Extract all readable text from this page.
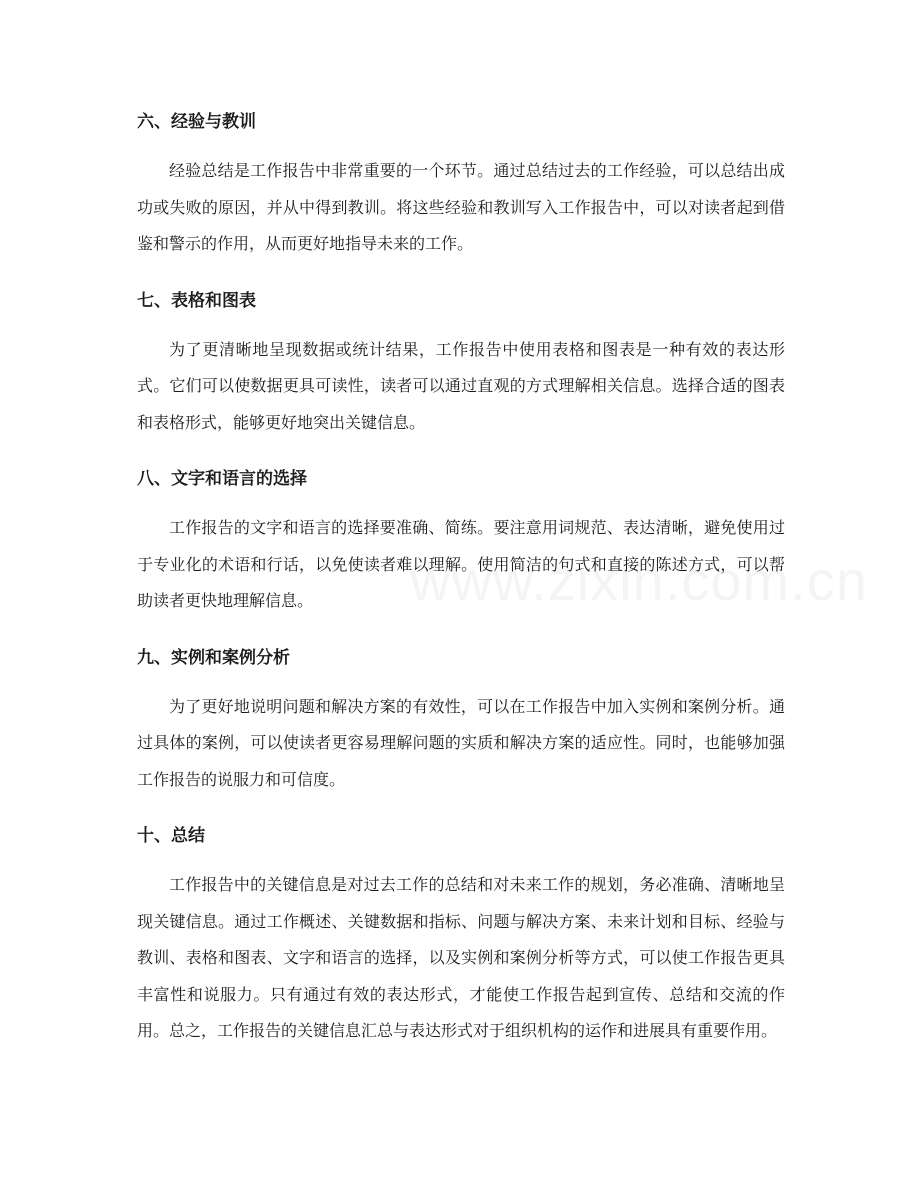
六、经验与教训

经验总结是工作报告中非常重要的一个环节。通过总结过去的工作经验，可以总结出成功或失败的原因，并从中得到教训。将这些经验和教训写入工作报告中，可以对读者起到借鉴和警示的作用，从而更好地指导未来的工作。

七、表格和图表

为了更清晰地呈现数据或统计结果，工作报告中使用表格和图表是一种有效的表达形式。它们可以使数据更具可读性，读者可以通过直观的方式理解相关信息。选择合适的图表和表格形式，能够更好地突出关键信息。

八、文字和语言的选择

工作报告的文字和语言的选择要准确、简练。要注意用词规范、表达清晰，避免使用过于专业化的术语和行话，以免使读者难以理解。使用简洁的句式和直接的陈述方式，可以帮助读者更快地理解信息。

九、实例和案例分析

为了更好地说明问题和解决方案的有效性，可以在工作报告中加入实例和案例分析。通过具体的案例，可以使读者更容易理解问题的实质和解决方案的适应性。同时，也能够加强工作报告的说服力和可信度。

十、总结

工作报告中的关键信息是对过去工作的总结和对未来工作的规划，务必准确、清晰地呈现关键信息。通过工作概述、关键数据和指标、问题与解决方案、未来计划和目标、经验与教训、表格和图表、文字和语言的选择，以及实例和案例分析等方式，可以使工作报告更具丰富性和说服力。只有通过有效的表达形式，才能使工作报告起到宣传、总结和交流的作用。总之，工作报告的关键信息汇总与表达形式对于组织机构的运作和进展具有重要作用。
